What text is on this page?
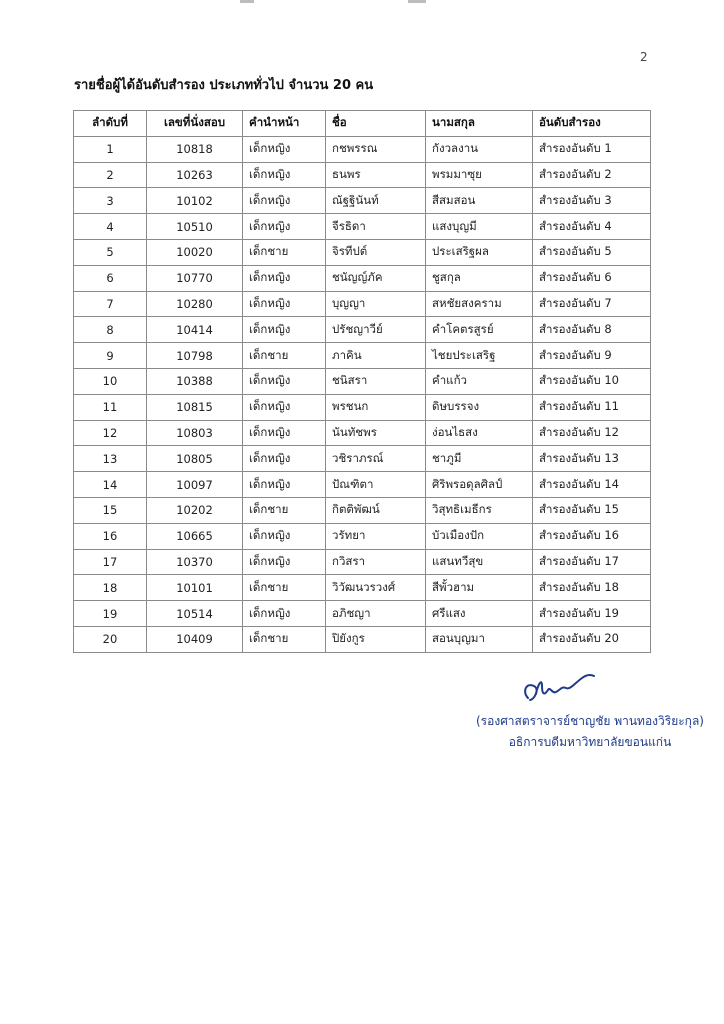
2
รายชื่อผู้ได้อันดับสำรอง ประเภททั่วไป จำนวน 20 คน
ลำดับที่	เลขที่นั่งสอบ	คำนำหน้า	ชื่อ	นามสกุล	อันดับสำรอง
1	10818	เด็กหญิง	กชพรรณ	กังวลงาน	สำรองอันดับ 1
2	10263	เด็กหญิง	ธนพร	พรมมาซุย	สำรองอันดับ 2
3	10102	เด็กหญิง	ณัฐฐินันท์	สีสมสอน	สำรองอันดับ 3
4	10510	เด็กหญิง	จีรธิดา	แสงบุญมี	สำรองอันดับ 4
5	10020	เด็กชาย	จิรทีปต์	ประเสริฐผล	สำรองอันดับ 5
6	10770	เด็กหญิง	ชนัญญ์ภัค	ชูสกุล	สำรองอันดับ 6
7	10280	เด็กหญิง	บุญญา	สหชัยสงคราม	สำรองอันดับ 7
8	10414	เด็กหญิง	ปรัชญาวีย์	คำโคตรสูรย์	สำรองอันดับ 8
9	10798	เด็กชาย	ภาคิน	ไชยประเสริฐ	สำรองอันดับ 9
10	10388	เด็กหญิง	ชนิสรา	คำแก้ว	สำรองอันดับ 10
11	10815	เด็กหญิง	พรชนก	ดิษบรรจง	สำรองอันดับ 11
12	10803	เด็กหญิง	นันทัชพร	ง่อนไธสง	สำรองอันดับ 12
13	10805	เด็กหญิง	วชิราภรณ์	ชาภูมี	สำรองอันดับ 13
14	10097	เด็กหญิง	ปัณฑิตา	ศิริพรอดุลศิลป์	สำรองอันดับ 14
15	10202	เด็กชาย	กิตติพัฒน์	วิสุทธิเมธีกร	สำรองอันดับ 15
16	10665	เด็กหญิง	วรัทยา	บัวเมืองปัก	สำรองอันดับ 16
17	10370	เด็กหญิง	กวิสรา	แสนทวีสุข	สำรองอันดับ 17
18	10101	เด็กชาย	วิวัฒนวรวงศ์	สีพั้วฮาม	สำรองอันดับ 18
19	10514	เด็กหญิง	อภิชญา	ศรีแสง	สำรองอันดับ 19
20	10409	เด็กชาย	ปิยังกูร	สอนบุญมา	สำรองอันดับ 20
(รองศาสตราจารย์ชาญชัย พานทองวิริยะกุล)
อธิการบดีมหาวิทยาลัยขอนแก่น
